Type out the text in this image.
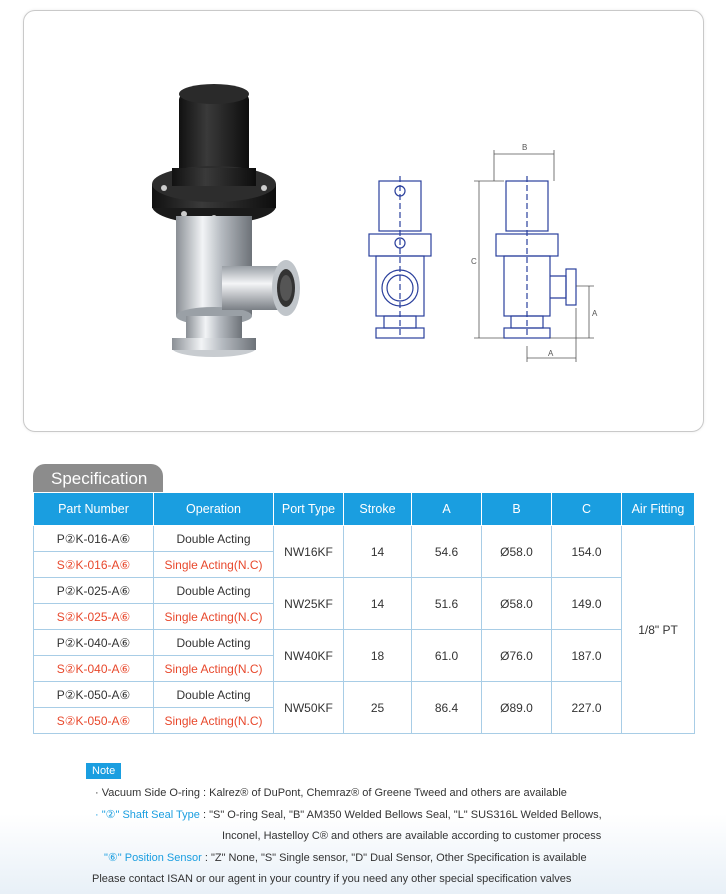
B
C
A
A
Specification
Part Number	Operation	Port Type	Stroke	A	B	C	Air Fitting
P②K-016-A⑥	Double Acting	NW16KF	14	54.6	Ø58.0	154.0	1/8" PT
S②K-016-A⑥	Single Acting(N.C)						
P②K-025-A⑥	Double Acting	NW25KF	14	51.6	Ø58.0	149.0	
S②K-025-A⑥	Single Acting(N.C)						
P②K-040-A⑥	Double Acting	NW40KF	18	61.0	Ø76.0	187.0	
S②K-040-A⑥	Single Acting(N.C)						
P②K-050-A⑥	Double Acting	NW50KF	25	86.4	Ø89.0	227.0	
S②K-050-A⑥	Single Acting(N.C)						
Note
· Vacuum Side O-ring : Kalrez® of DuPont, Chemraz® of Greene Tweed and others are available
· "②" Shaft Seal Type : "S" O-ring Seal, "B" AM350 Welded Bellows Seal, "L" SUS316L Welded Bellows,
Inconel, Hastelloy C® and others are available according to customer process
"⑥" Position Sensor : "Z" None, "S" Single sensor, "D" Dual Sensor, Other Specification is available
Please contact ISAN or our agent in your country if you need any other special specification valves
